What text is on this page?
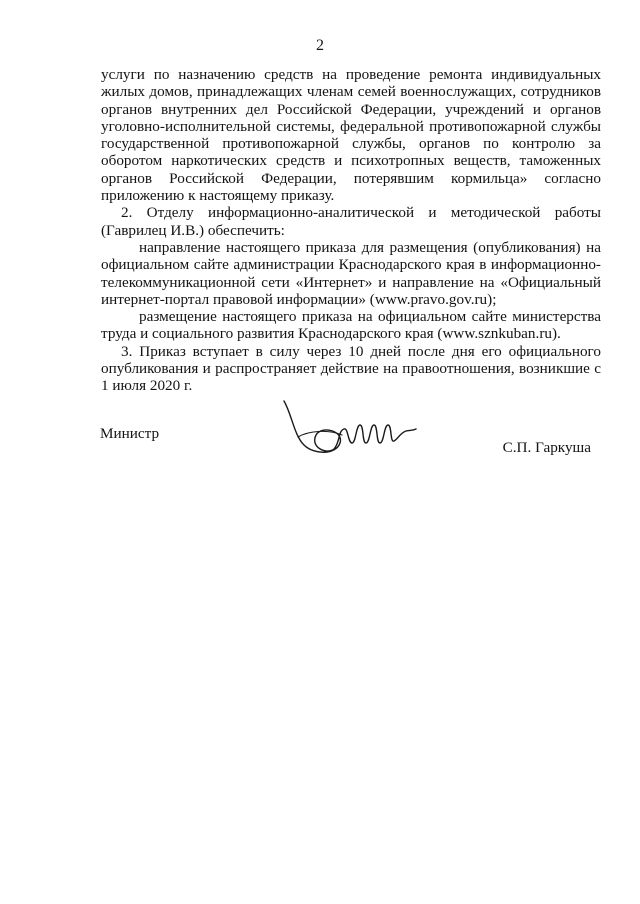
2

услуги по назначению средств на проведение ремонта индивидуальных жилых домов, принадлежащих членам семей военнослужащих, сотрудников органов внутренних дел Российской Федерации, учреждений и органов уголовно-исполнительной системы, федеральной противопожарной службы государственной противопожарной службы, органов по контролю за оборотом наркотических средств и психотропных веществ, таможенных органов Российской Федерации, потерявшим кормильца» согласно приложению к настоящему приказу.

2. Отделу информационно-аналитической и методической работы (Гаврилец И.В.) обеспечить:

направление настоящего приказа для размещения (опубликования) на официальном сайте администрации Краснодарского края в информационно-телекоммуникационной сети «Интернет» и направление на «Официальный интернет-портал правовой информации» (www.pravo.gov.ru);

размещение настоящего приказа на официальном сайте министерства труда и социального развития Краснодарского края (www.sznkuban.ru).

3. Приказ вступает в силу через 10 дней после дня его официального опубликования и распространяет действие на правоотношения, возникшие с 1 июля 2020 г.

Министр
С.П. Гаркуша
